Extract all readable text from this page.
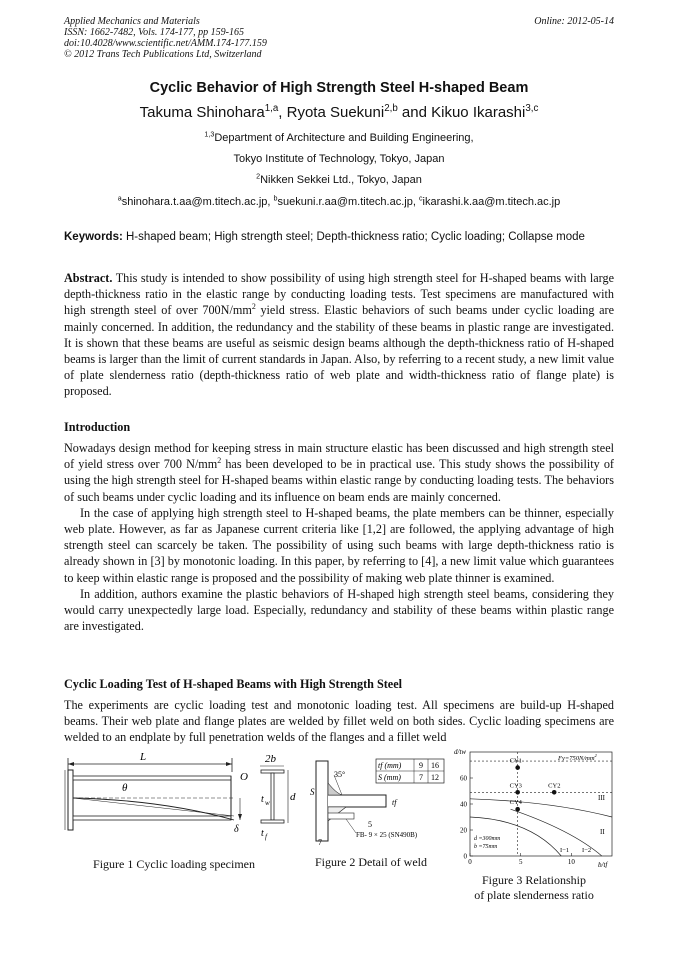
Applied Mechanics and Materials
ISSN: 1662-7482, Vols. 174-177, pp 159-165
doi:10.4028/www.scientific.net/AMM.174-177.159
© 2012 Trans Tech Publications Ltd, Switzerland
Online: 2012-05-14
Cyclic Behavior of High Strength Steel H-shaped Beam
Takuma Shinohara$^{1,a}$, Ryota Suekuni$^{2,b}$ and Kikuo Ikarashi$^{3,c}$
$^{1,3}$Department of Architecture and Building Engineering,
Tokyo Institute of Technology, Tokyo, Japan
$^2$Nikken Sekkei Ltd., Tokyo, Japan
$^a$shinohara.t.aa@m.titech.ac.jp, $^b$suekuni.r.aa@m.titech.ac.jp, $^c$ikarashi.k.aa@m.titech.ac.jp
Keywords: H-shaped beam; High strength steel; Depth-thickness ratio; Cyclic loading; Collapse mode

Abstract. This study is intended to show possibility of using high strength steel for H-shaped beams with large depth-thickness ratio in the elastic range by conducting loading tests. Test specimens are manufactured with high strength steel of over $700N/mm^2$ yield stress. Elastic behaviors of such beams under cyclic loading are mainly concerned. In addition, the redundancy and the stability of these beams in plastic range are investigated. It is shown that these beams are useful as seismic design beams although the depth-thickness ratio of H-shaped beams is larger than the limit of current standards in Japan. Also, by referring to a recent study, a new limit value of plate slenderness ratio (depth-thickness ratio of web plate and width-thickness ratio of flange plate) is proposed.

Introduction

Nowadays design method for keeping stress in main structure elastic has been discussed and high strength steel of yield stress over 700 $N/mm^2$ has been developed to be in practical use. This study shows the possibility of using the high strength steel for H-shaped beams within elastic range by conducting loading tests. The behaviors of such beams under cyclic loading and its influence on beam ends are mainly concerned.

In the case of applying high strength steel to H-shaped beams, the plate members can be thinner, especially web plate. However, as far as Japanese current criteria like [1,2] are followed, the applying advantage of high strength steel can scarcely be taken. The possibility of using such beams with large depth-thickness ratio is already shown in [3] by monotonic loading. In this paper, by referring to [4], a new limit value which guarantees to keep within elastic range is proposed and the possibility of making web plate thinner is examined.

In addition, authors examine the plastic behaviors of H-shaped high strength steel beams, considering they would carry unexpectedly large load. Especially, redundancy and stability of these beams within plastic range are investigated.

Cyclic Loading Test of H-shaped Beams with High Strength Steel

The experiments are cyclic loading test and monotonic loading test. All specimens are build-up H-shaped beams. Their web plate and flange plates are welded by fillet weld on both sides. Cyclic loading specimens are welded to an endplate by full penetration welds of the flanges and a fillet weld

L
θ
O
δ
2b
d
t w
t f
Figure 1 Cyclic loading specimen
35°
S
tf
5
7
FB- 9 × 25 (SN490B)
tf (mm) 9 16
S (mm) 7 12
Figure 2 Detail of weld
d/tw
b/tf
0
20
40
60
0	5	10
CY1
CY2
CY3
CY4
$Fy=750N/mm^2$
d =300mm
b =75mm
III
II
I−1 I−2
Figure 3 Relationship
of plate slenderness ratio
